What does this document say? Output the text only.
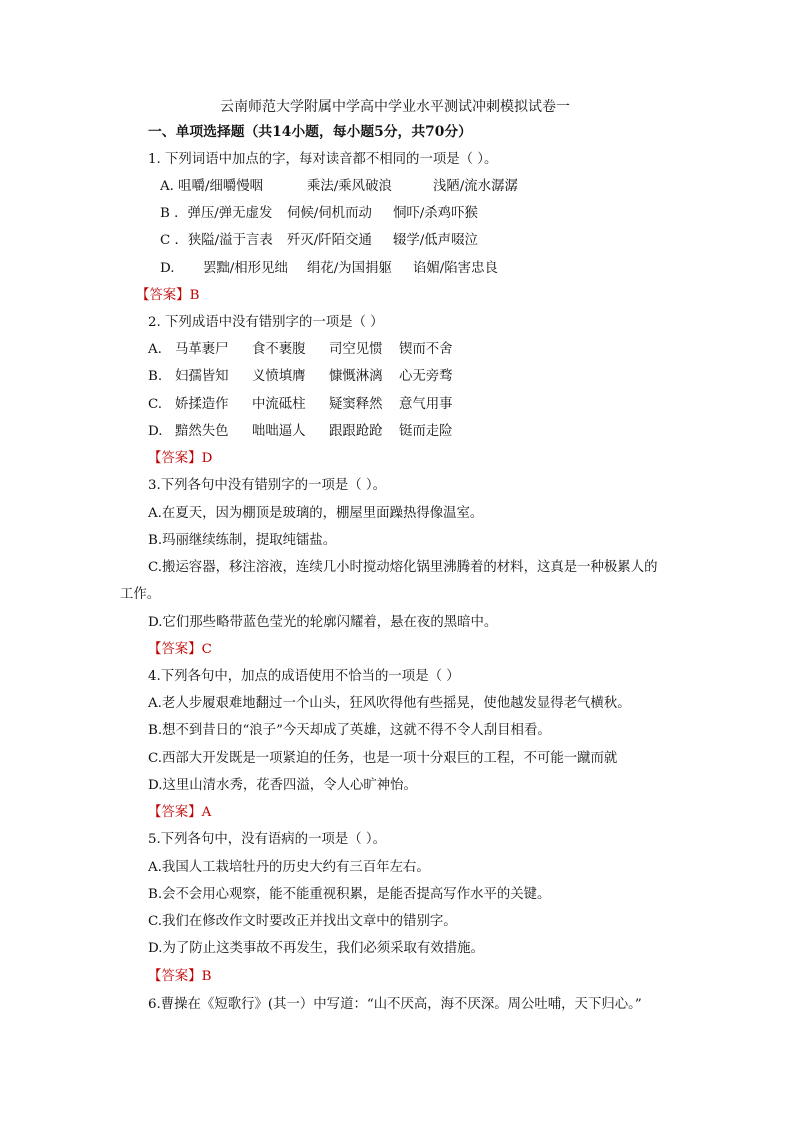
云南师范大学附属中学高中学业水平测试冲刺模拟试卷一
一、单项选择题（共14小题，每小题5分，共70分）
1. 下列词语中加点的字，每对读音都不相同的一项是（ ）。
A. 咀嚼/细嚼慢咽	乘法/乘风破浪	浅陋/流水潺潺
B ．弹压/弹无虚发 伺候/伺机而动 恫吓/杀鸡吓猴
C ．狭隘/溢于言表 歼灭/阡陌交通 辍学/低声啜泣
D. 罢黜/相形见绌 绢花/为国捐躯 谄媚/陷害忠良
【答案】B
2. 下列成语中没有错别字的一项是（ ）
A. 马革裹尸 食不裹腹 司空见惯 锲而不舍
B. 妇孺皆知 义愤填膺 慷慨淋漓 心无旁骛
C. 娇揉造作 中流砥柱 疑窦释然 意气用事
D. 黯然失色 咄咄逼人 跟跟跄跄 铤而走险
【答案】D
3.下列各句中没有错别字的一项是（ ）。
A.在夏天，因为棚顶是玻璃的，棚屋里面躁热得像温室。
B.玛丽继续练制，提取纯镭盐。
C.搬运容器，移注溶液，连续几小时搅动熔化锅里沸腾着的材料，这真是一种极累人的
工作。
D.它们那些略带蓝色莹光的轮廓闪耀着，悬在夜的黑暗中。
【答案】C
4.下列各句中，加点的成语使用不恰当的一项是（ ）
A.老人步履艰难地翻过一个山头，狂风吹得他有些摇晃，使他越发显得老气横秋。
B.想不到昔日的“浪子”今天却成了英雄，这就不得不令人刮目相看。
C.西部大开发既是一项紧迫的任务，也是一项十分艰巨的工程，不可能一蹴而就
D.这里山清水秀，花香四溢，令人心旷神怡。
【答案】A
5.下列各句中，没有语病的一项是（ ）。
A.我国人工栽培牡丹的历史大约有三百年左右。
B.会不会用心观察，能不能重视积累，是能否提高写作水平的关键。
C.我们在修改作文时要改正并找出文章中的错别字。
D.为了防止这类事故不再发生，我们必须采取有效措施。
【答案】B
6.曹操在《短歌行》(其一）中写道：“山不厌高，海不厌深。周公吐哺，天下归心。”
